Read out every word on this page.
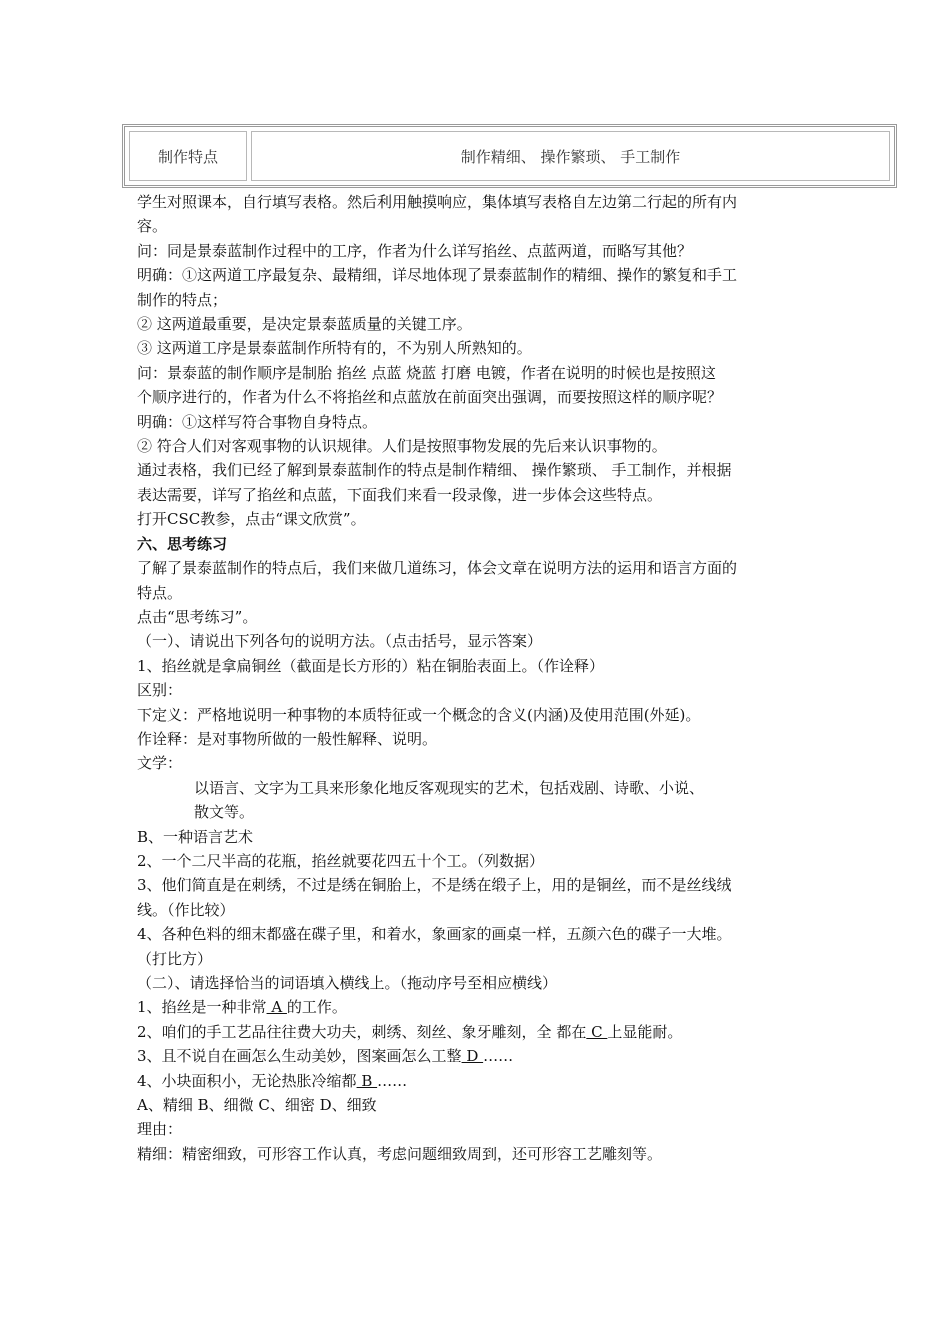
制作特点	制作精细、 操作繁琐、 手工制作

学生对照课本，自行填写表格。然后利用触摸响应，集体填写表格自左边第二行起的所有内

容。

问：同是景泰蓝制作过程中的工序，作者为什么详写掐丝、点蓝两道，而略写其他？

明确：①这两道工序最复杂、最精细，详尽地体现了景泰蓝制作的精细、操作的繁复和手工

制作的特点；

② 这两道最重要，是决定景泰蓝质量的关键工序。

③ 这两道工序是景泰蓝制作所特有的，不为别人所熟知的。

问：景泰蓝的制作顺序是制胎 掐丝 点蓝 烧蓝 打磨 电镀，作者在说明的时候也是按照这

个顺序进行的，作者为什么不将掐丝和点蓝放在前面突出强调，而要按照这样的顺序呢？

明确：①这样写符合事物自身特点。

② 符合人们对客观事物的认识规律。人们是按照事物发展的先后来认识事物的。

通过表格，我们已经了解到景泰蓝制作的特点是制作精细、 操作繁琐、 手工制作，并根据

表达需要，详写了掐丝和点蓝，下面我们来看一段录像，进一步体会这些特点。

打开CSC教参，点击“课文欣赏”。

六、思考练习

了解了景泰蓝制作的特点后，我们来做几道练习，体会文章在说明方法的运用和语言方面的

特点。

点击“思考练习”。

（一）、请说出下列各句的说明方法。（点击括号，显示答案）

1、掐丝就是拿扁铜丝（截面是长方形的）粘在铜胎表面上。（作诠释）

区别：

下定义：严格地说明一种事物的本质特征或一个概念的含义(内涵)及使用范围(外延)。

作诠释：是对事物所做的一般性解释、说明。

文学：

以语言、文字为工具来形象化地反客观现实的艺术，包括戏剧、诗歌、小说、

散文等。

B、一种语言艺术

2、一个二尺半高的花瓶，掐丝就要花四五十个工。（列数据）

3、他们简直是在刺绣，不过是绣在铜胎上，不是绣在缎子上，用的是铜丝，而不是丝线绒

线。（作比较）

4、各种色料的细末都盛在碟子里，和着水，象画家的画桌一样，五颜六色的碟子一大堆。

（打比方）

（二）、请选择恰当的词语填入横线上。（拖动序号至相应横线）

1、掐丝是一种非常 A 的工作。

2、咱们的手工艺品往往费大功夫，刺绣、刻丝、象牙雕刻，全 都在 C 上显能耐。

3、且不说自在画怎么生动美妙，图案画怎么工整 D ……

4、小块面积小，无论热胀冷缩都 B ……

A、精细 B、细微 C、细密 D、细致

理由：

精细：精密细致，可形容工作认真，考虑问题细致周到，还可形容工艺雕刻等。
